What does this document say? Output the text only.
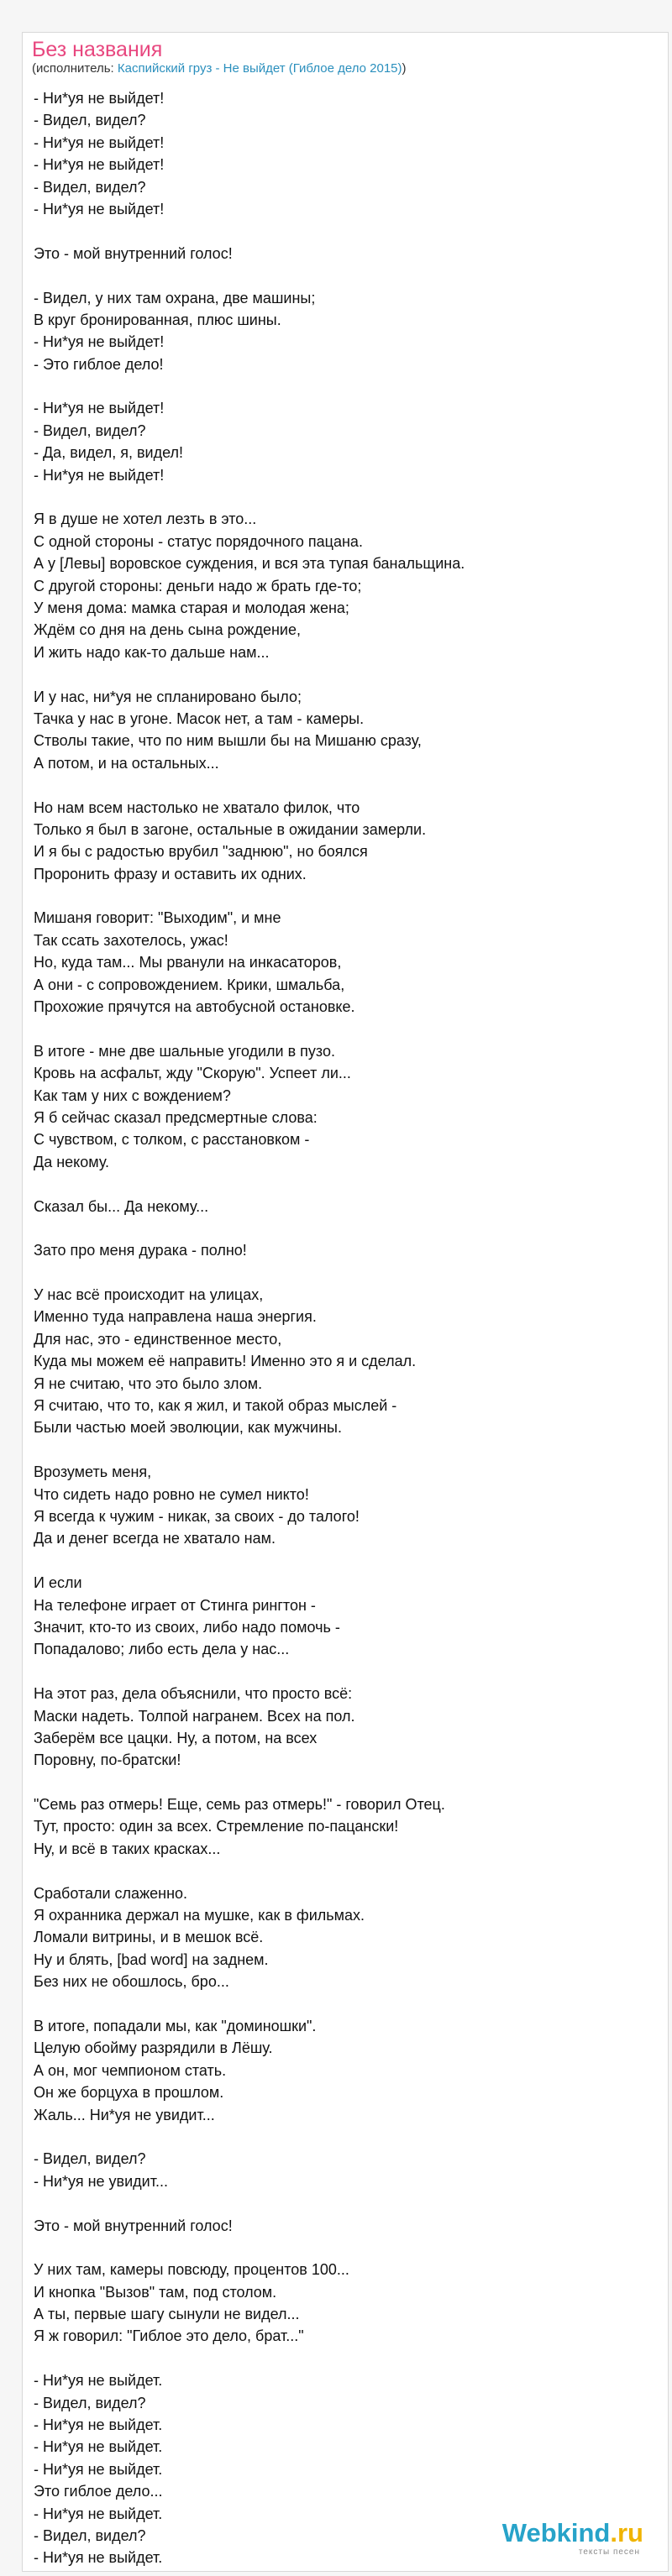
Без названия
(исполнитель: Каспийский груз - Не выйдет (Гиблое дело 2015))
- Ни*уя не выйдет!
- Видел, видел?
- Ни*уя не выйдет!
- Ни*уя не выйдет!
- Видел, видел?
- Ни*уя не выйдет!
Это - мой внутренний голос!
- Видел, у них там охрана, две машины;
В круг бронированная, плюс шины.
- Ни*уя не выйдет!
- Это гиблое дело!
- Ни*уя не выйдет!
- Видел, видел?
- Да, видел, я, видел!
- Ни*уя не выйдет!
Я в душе не хотел лезть в это...
С одной стороны - статус порядочного пацана.
А у [Левы] воровское суждения, и вся эта тупая банальщина.
С другой стороны: деньги надо ж брать где-то;
У меня дома: мамка старая и молодая жена;
Ждём со дня на день сына рождение,
И жить надо как-то дальше нам...
И у нас, ни*уя не спланировано было;
Тачка у нас в угоне. Масок нет, а там - камеры.
Стволы такие, что по ним вышли бы на Мишаню сразу,
А потом, и на остальных...
Но нам всем настолько не хватало филок, что
Только я был в загоне, остальные в ожидании замерли.
И я бы с радостью врубил "заднюю", но боялся
Проронить фразу и оставить их одних.
Мишаня говорит: "Выходим", и мне
Так ссать захотелось, ужас!
Но, куда там... Мы рванули на инкасаторов,
А они - с сопровождением. Крики, шмальба,
Прохожие прячутся на автобусной остановке.
В итоге - мне две шальные угодили в пузо.
Кровь на асфальт, жду "Скорую". Успеет ли...
Как там у них с вождением?
Я б сейчас сказал предсмертные слова:
С чувством, с толком, с расстановком -
Да некому.
Сказал бы... Да некому...
Зато про меня дурака - полно!
У нас всё происходит на улицах,
Именно туда направлена наша энергия.
Для нас, это - единственное место,
Куда мы можем её направить! Именно это я и сделал.
Я не считаю, что это было злом.
Я считаю, что то, как я жил, и такой образ мыслей -
Были частью моей эволюции, как мужчины.
Врозуметь меня,
Что сидеть надо ровно не сумел никто!
Я всегда к чужим - никак, за своих - до талого!
Да и денег всегда не хватало нам.
И если
На телефоне играет от Стинга рингтон -
Значит, кто-то из своих, либо надо помочь -
Попадалово; либо есть дела у нас...
На этот раз, дела объяснили, что просто всё:
Маски надеть. Толпой награнем. Всех на пол.
Заберём все цацки. Ну, а потом, на всех
Поровну, по-братски!
"Семь раз отмерь! Еще, семь раз отмерь!" - говорил Отец.
Тут, просто: один за всех. Стремление по-пацански!
Ну, и всё в таких красках...
Сработали слаженно.
Я охранника держал на мушке, как в фильмах.
Ломали витрины, и в мешок всё.
Ну и блять, [bad word] на заднем.
Без них не обошлось, бро...
В итоге, попадали мы, как "доминошки".
Целую обойму разрядили в Лёшу.
А он, мог чемпионом стать.
Он же борцуха в прошлом.
Жаль... Ни*уя не увидит...
- Видел, видел?
- Ни*уя не увидит...
Это - мой внутренний голос!
У них там, камеры повсюду, процентов 100...
И кнопка "Вызов" там, под столом.
А ты, первые шагу сынули не видел...
Я ж говорил: "Гиблое это дело, брат..."
- Ни*уя не выйдет.
- Видел, видел?
- Ни*уя не выйдет.
- Ни*уя не выйдет.
- Ни*уя не выйдет.
Это гиблое дело...
- Ни*уя не выйдет.
- Видел, видел?
- Ни*уя не выйдет.
Webkind.ru
тексты песен
